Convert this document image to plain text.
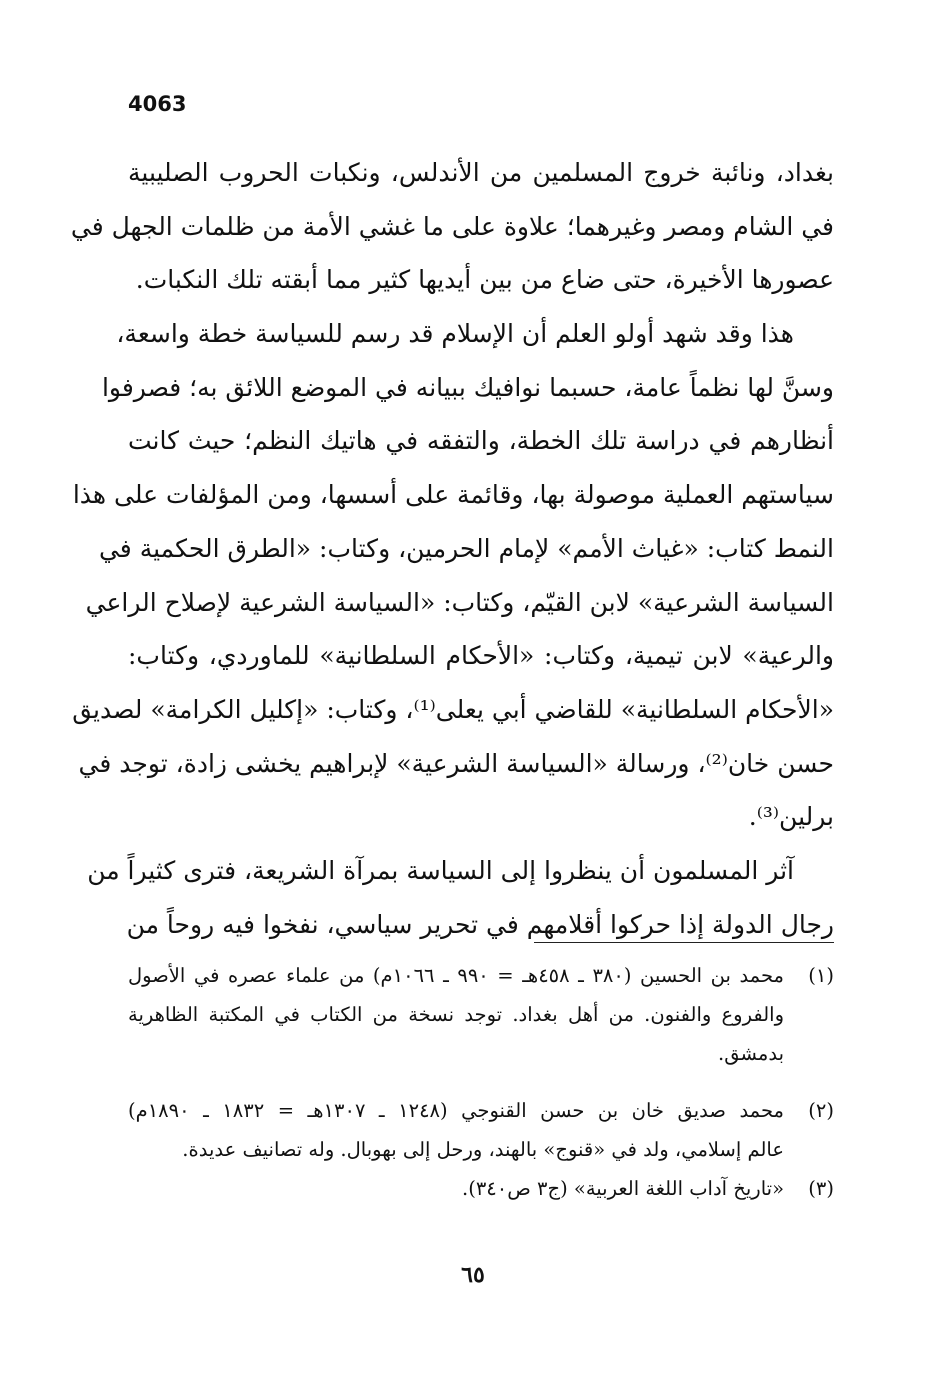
4063
بغداد، ونائبة خروج المسلمين من الأندلس، ونكبات الحروب الصليبية
في الشام ومصر وغيرهما؛ علاوة على ما غشي الأمة من ظلمات الجهل في
عصورها الأخيرة، حتى ضاع من بين أيديها كثير مما أبقته تلك النكبات.
هذا وقد شهد أولو العلم أن الإسلام قد رسم للسياسة خطة واسعة،
وسنَّ لها نظماً عامة، حسبما نوافيك ببيانه في الموضع اللائق به؛ فصرفوا
أنظارهم في دراسة تلك الخطة، والتفقه في هاتيك النظم؛ حيث كانت
سياستهم العملية موصولة بها، وقائمة على أسسها، ومن المؤلفات على هذا
النمط كتاب: «غياث الأمم» لإمام الحرمين، وكتاب: «الطرق الحكمية في
السياسة الشرعية» لابن القيّم، وكتاب: «السياسة الشرعية لإصلاح الراعي
والرعية» لابن تيمية، وكتاب: «الأحكام السلطانية» للماوردي، وكتاب:
«الأحكام السلطانية» للقاضي أبي يعلى⁽¹⁾، وكتاب: «إكليل الكرامة» لصديق
حسن خان⁽²⁾، ورسالة «السياسة الشرعية» لإبراهيم يخشى زادة، توجد في
برلين⁽³⁾.
آثر المسلمون أن ينظروا إلى السياسة بمرآة الشريعة، فترى كثيراً من
رجال الدولة إذا حركوا أقلامهم في تحرير سياسي، نفخوا فيه روحاً من
(١)محمد بن الحسين (٣٨٠ ـ ٤٥٨هـ = ٩٩٠ ـ ١٠٦٦م) من علماء عصره في الأصول
والفروع والفنون. من أهل بغداد. توجد نسخة من الكتاب في المكتبة الظاهرية
بدمشق.
(٢)محمد صديق خان بن حسن القنوجي (١٢٤٨ ـ ١٣٠٧هـ = ١٨٣٢ ـ ١٨٩٠م)
عالم إسلامي، ولد في «قنوج» بالهند، ورحل إلى بهوبال. وله تصانيف عديدة.
(٣)«تاريخ آداب اللغة العربية» (ج٣ ص٣٤٠).
٦٥
